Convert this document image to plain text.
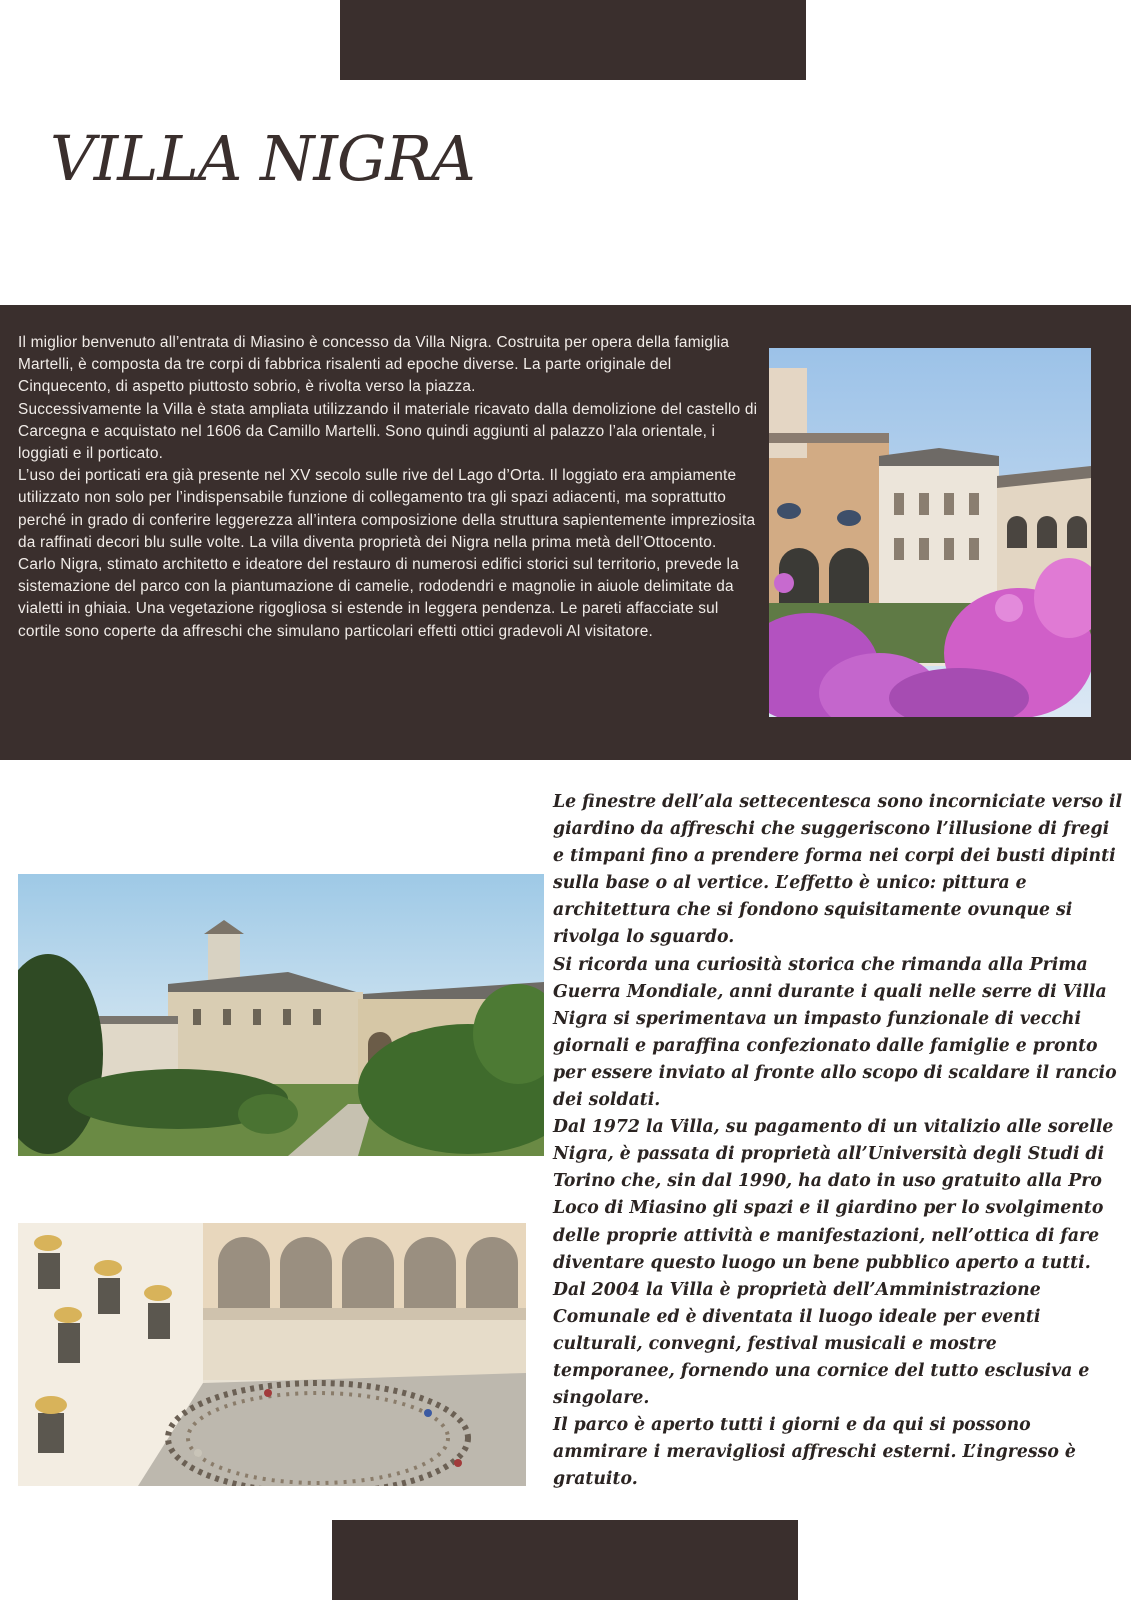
VILLA NIGRA

Il miglior benvenuto all’entrata di Miasino è concesso da Villa Nigra. Costruita per opera della famiglia Martelli, è composta da tre corpi di fabbrica risalenti ad epoche diverse. La parte originale del Cinquecento, di aspetto piuttosto sobrio, è rivolta verso la piazza.

Successivamente la Villa è stata ampliata utilizzando il materiale ricavato dalla demolizione del castello di Carcegna e acquistato nel 1606 da Camillo Martelli. Sono quindi aggiunti al palazzo l’ala orientale, i loggiati e il porticato.

L’uso dei porticati era già presente nel XV secolo sulle rive del Lago d’Orta. Il loggiato era ampiamente utilizzato non solo per l’indispensabile funzione di collegamento tra gli spazi adiacenti, ma soprattutto perché in grado di conferire leggerezza all’intera composizione della struttura sapientemente impreziosita da raffinati decori blu sulle volte. La villa diventa proprietà dei Nigra nella prima metà dell’Ottocento.

Carlo Nigra, stimato architetto e ideatore del restauro di numerosi edifici storici sul territorio, prevede la sistemazione del parco con la piantumazione di camelie, rododendri e magnolie in aiuole delimitate da vialetti in ghiaia. Una vegetazione rigogliosa si estende in leggera pendenza. Le pareti affacciate sul cortile sono coperte da affreschi che simulano particolari effetti ottici gradevoli Al visitatore.

Le finestre dell’ala settecentesca sono incorniciate verso il giardino da affreschi che suggeriscono l’illusione di fregi e timpani fino a prendere forma nei corpi dei busti dipinti sulla base o al vertice. L’effetto è unico: pittura e architettura che si fondono squisitamente ovunque si rivolga lo sguardo.

Si ricorda una curiosità storica che rimanda alla Prima Guerra Mondiale, anni durante i quali nelle serre di Villa Nigra si sperimentava un impasto funzionale di vecchi giornali e paraffina confezionato dalle famiglie e pronto per essere inviato al fronte allo scopo di scaldare il rancio dei soldati.

Dal 1972 la Villa, su pagamento di un vitalizio alle sorelle Nigra, è passata di proprietà all’Università degli Studi di Torino che, sin dal 1990, ha dato in uso gratuito alla Pro Loco di Miasino gli spazi e il giardino per lo svolgimento delle proprie attività e manifestazioni, nell’ottica di fare diventare questo luogo un bene pubblico aperto a tutti. Dal 2004 la Villa è proprietà dell’Amministrazione Comunale ed è diventata il luogo ideale per eventi culturali, convegni, festival musicali e mostre temporanee, fornendo una cornice del tutto esclusiva e singolare.

Il parco è aperto tutti i giorni e da qui si possono ammirare i meravigliosi affreschi esterni. L’ingresso è gratuito.
